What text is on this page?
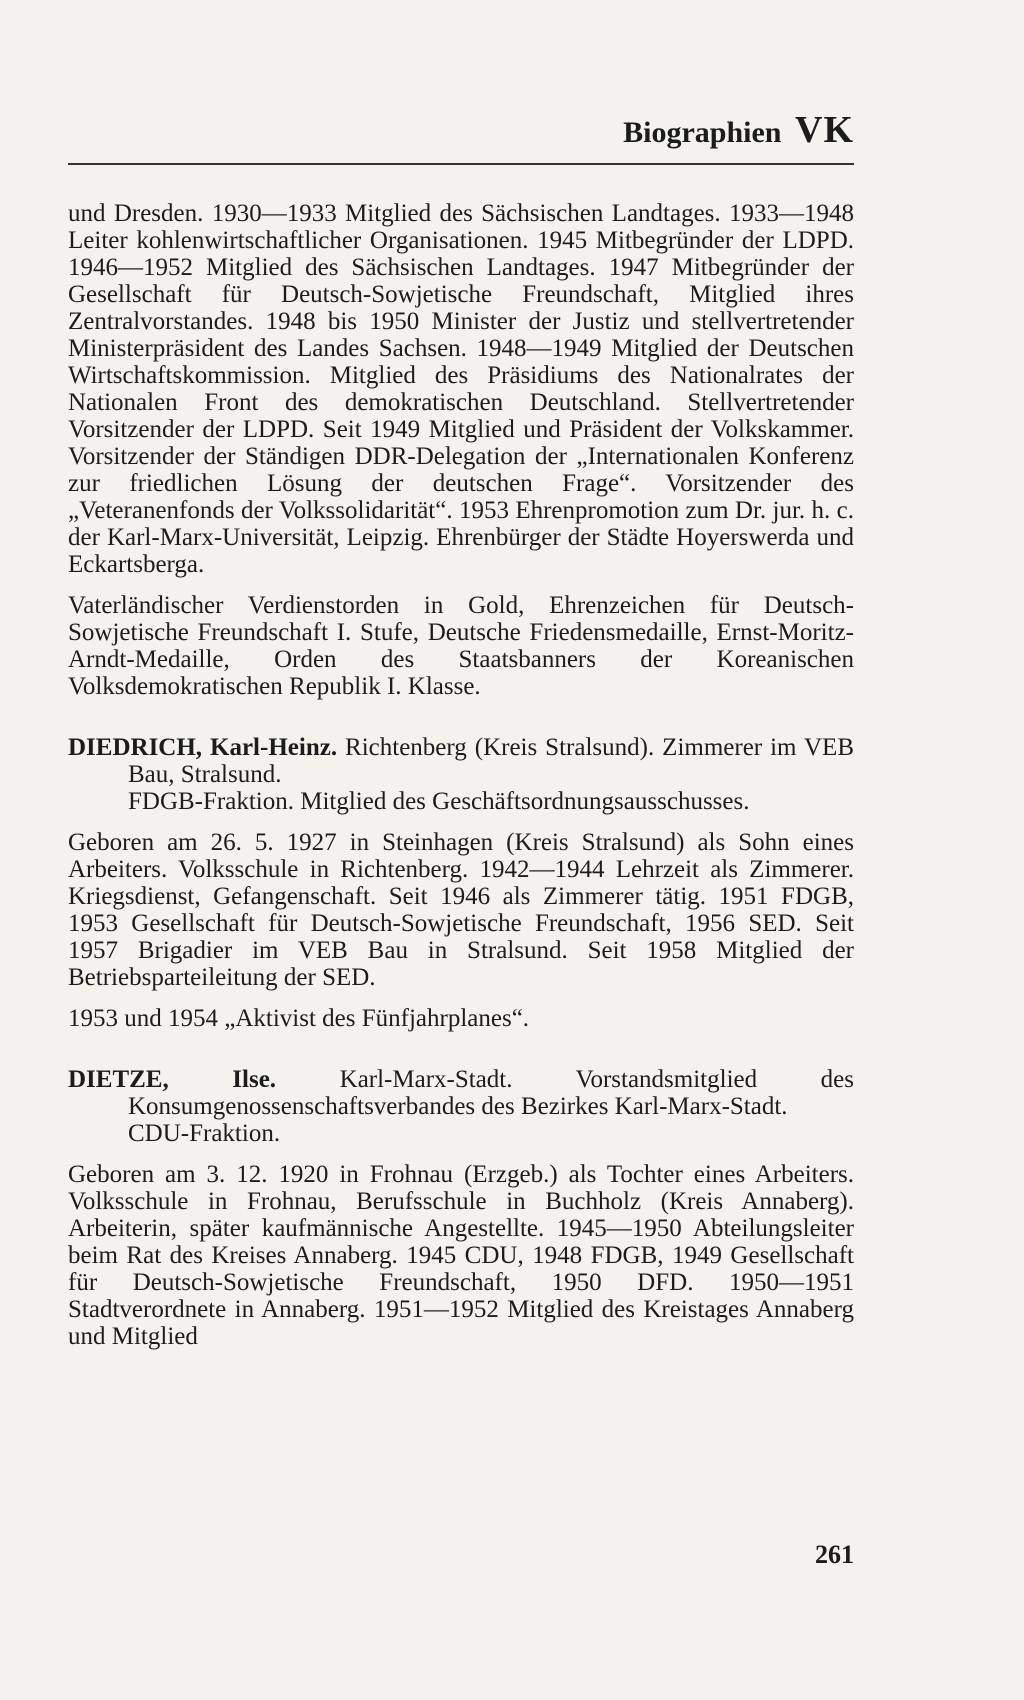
Biographien VK

und Dresden. 1930—1933 Mitglied des Sächsischen Landtages. 1933—1948 Leiter kohlenwirtschaftlicher Organisationen. 1945 Mitbegründer der LDPD. 1946—1952 Mitglied des Sächsischen Landtages. 1947 Mitbegründer der Gesellschaft für Deutsch-Sowjetische Freundschaft, Mitglied ihres Zentralvorstandes. 1948 bis 1950 Minister der Justiz und stellvertretender Ministerpräsident des Landes Sachsen. 1948—1949 Mitglied der Deutschen Wirtschaftskommission. Mitglied des Präsidiums des Nationalrates der Nationalen Front des demokratischen Deutschland. Stellvertretender Vorsitzender der LDPD. Seit 1949 Mitglied und Präsident der Volkskammer. Vorsitzender der Ständigen DDR-Delegation der „Internationalen Konferenz zur friedlichen Lösung der deutschen Frage“. Vorsitzender des „Veteranenfonds der Volkssolidarität“. 1953 Ehrenpromotion zum Dr. jur. h. c. der Karl-Marx-Universität, Leipzig. Ehrenbürger der Städte Hoyerswerda und Eckartsberga.

Vaterländischer Verdienstorden in Gold, Ehrenzeichen für Deutsch-Sowjetische Freundschaft I. Stufe, Deutsche Friedensmedaille, Ernst-Moritz-Arndt-Medaille, Orden des Staatsbanners der Koreanischen Volksdemokratischen Republik I. Klasse.

DIEDRICH, Karl-Heinz. Richtenberg (Kreis Stralsund). Zimmerer im VEB Bau, Stralsund.

FDGB-Fraktion. Mitglied des Geschäftsordnungsausschusses.

Geboren am 26. 5. 1927 in Steinhagen (Kreis Stralsund) als Sohn eines Arbeiters. Volksschule in Richtenberg. 1942—1944 Lehrzeit als Zimmerer. Kriegsdienst, Gefangenschaft. Seit 1946 als Zimmerer tätig. 1951 FDGB, 1953 Gesellschaft für Deutsch-Sowjetische Freundschaft, 1956 SED. Seit 1957 Brigadier im VEB Bau in Stralsund. Seit 1958 Mitglied der Betriebsparteileitung der SED.

1953 und 1954 „Aktivist des Fünfjahrplanes“.

DIETZE, Ilse.	Karl-Marx-Stadt. Vorstandsmitglied des Konsumgenossenschaftsverbandes des Bezirkes Karl-Marx-Stadt.

CDU-Fraktion.

Geboren am 3. 12. 1920 in Frohnau (Erzgeb.) als Tochter eines Arbeiters. Volksschule in Frohnau, Berufsschule in Buchholz (Kreis Annaberg). Arbeiterin, später kaufmännische Angestellte. 1945—1950 Abteilungsleiter beim Rat des Kreises Annaberg. 1945 CDU, 1948 FDGB, 1949 Gesellschaft für Deutsch-Sowjetische Freundschaft, 1950 DFD. 1950—1951 Stadtverordnete in Annaberg. 1951—1952 Mitglied des Kreistages Annaberg und Mitglied

261
